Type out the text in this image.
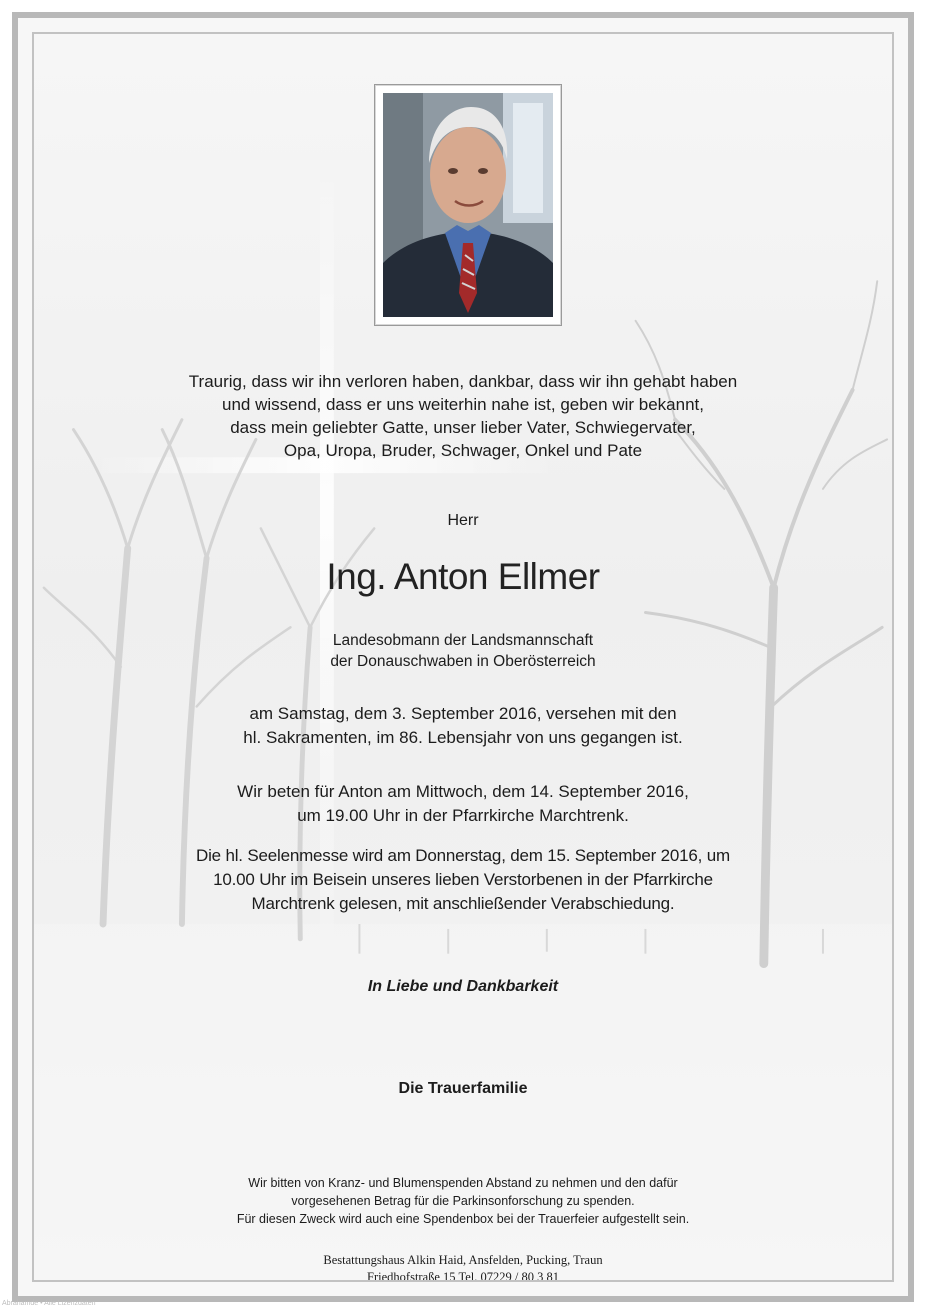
Traurig, dass wir ihn verloren haben, dankbar, dass wir ihn gehabt haben
und wissend, dass er uns weiterhin nahe ist, geben wir bekannt,
dass mein geliebter Gatte, unser lieber Vater, Schwiegervater,
Opa, Uropa, Bruder, Schwager, Onkel und Pate
Herr
Ing. Anton Ellmer
Landesobmann der Landsmannschaft
der Donauschwaben in Oberösterreich
am Samstag, dem 3. September 2016, versehen mit den
hl. Sakramenten, im 86. Lebensjahr von uns gegangen ist.
Wir beten für Anton am Mittwoch, dem 14. September 2016,
um 19.00 Uhr in der Pfarrkirche Marchtrenk.
Die hl. Seelenmesse wird am Donnerstag, dem 15. September 2016, um
10.00 Uhr im Beisein unseres lieben Verstorbenen in der Pfarrkirche
Marchtrenk gelesen, mit anschließender Verabschiedung.
In Liebe und Dankbarkeit
Die Trauerfamilie
Wir bitten von Kranz- und Blumenspenden Abstand zu nehmen und den dafür
vorgesehenen Betrag für die Parkinsonforschung zu spenden.
Für diesen Zweck wird auch eine Spendenbox bei der Trauerfeier aufgestellt sein.
Bestattungshaus Alkin Haid, Ansfelden, Pucking, Traun
Friedhofstraße 15 Tel. 07229 / 80 3 81
Abrahamde • Alle Lizenzdaten
